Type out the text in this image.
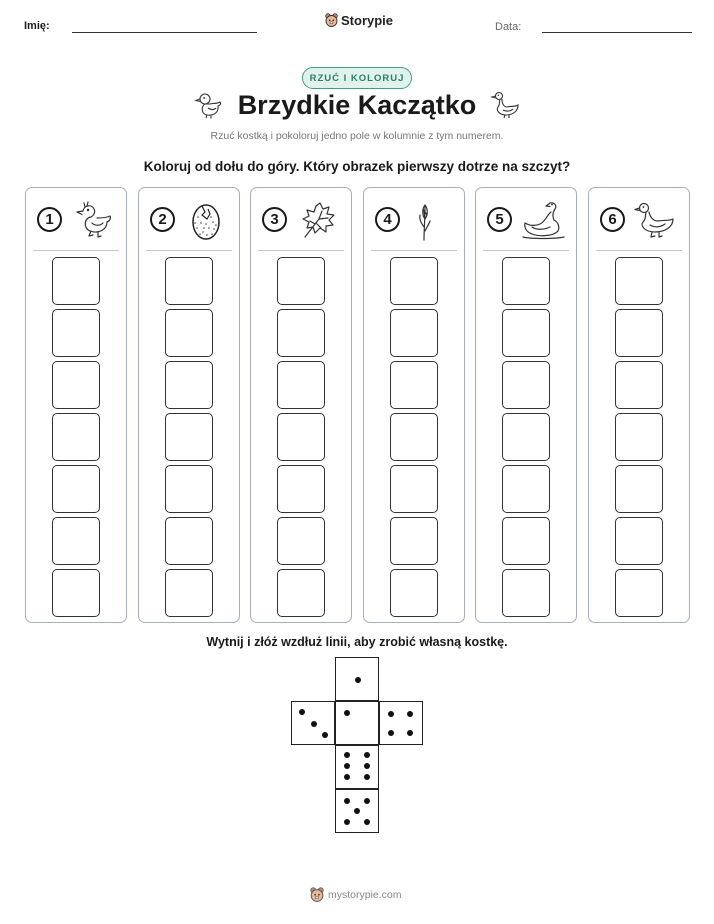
Imię:	Storypie	Data:
RZUĆ I KOLORUJ
Brzydkie Kaczątko
Rzuć kostką i pokoloruj jedno pole w kolumnie z tym numerem.
Koloruj od dołu do góry. Który obrazek pierwszy dotrze na szczyt?
1	2	3	4	5	6
Wytnij i złóż wzdłuż linii, aby zrobić własną kostkę.
mystorypie.com
